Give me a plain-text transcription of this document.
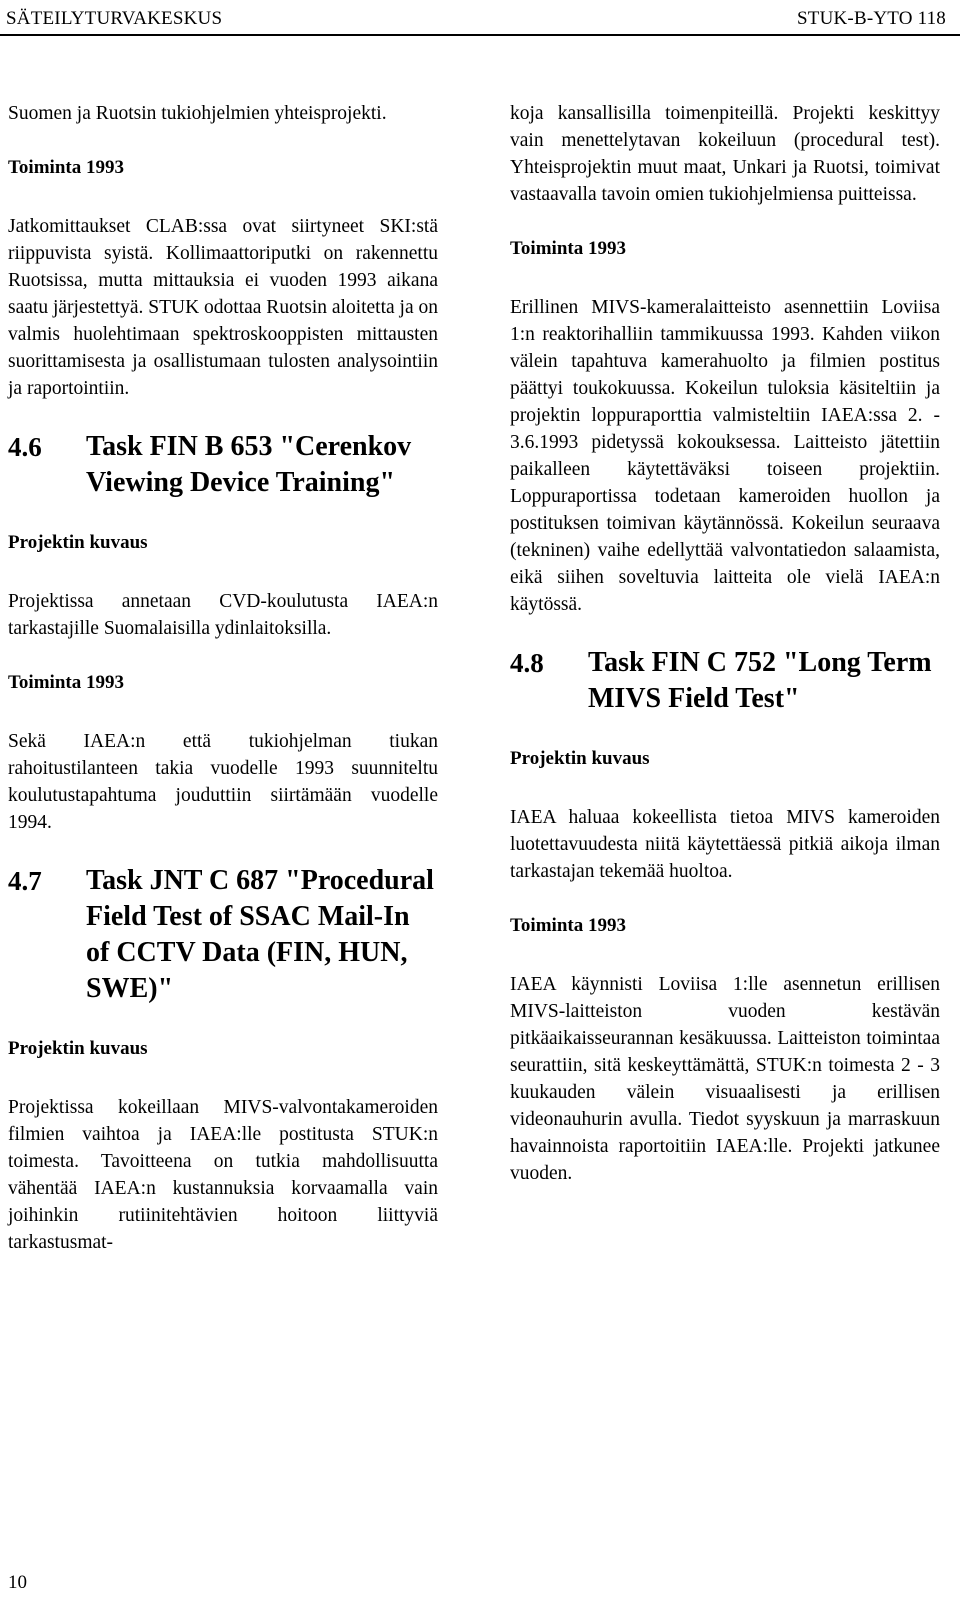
SÄTEILYTURVAKESKUS	STUK-B-YTO 118

Suomen ja Ruotsin tukiohjelmien yhteisprojekti.

Toiminta 1993

Jatkomittaukset CLAB:ssa ovat siirtyneet SKI:stä riippuvista syistä. Kollimaattoriputki on rakennettu Ruotsissa, mutta mittauksia ei vuoden 1993 aikana saatu järjestettyä. STUK odottaa Ruotsin aloitetta ja on valmis huolehtimaan spektroskooppisten mittausten suorittamisesta ja osallistumaan tulosten analysointiin ja raportointiin.

4.6	Task FIN B 653 "Cerenkov Viewing Device Training"
Projektin kuvaus

Projektissa annetaan CVD-koulutusta IAEA:n tarkastajille Suomalaisilla ydinlaitoksilla.

Toiminta 1993

Sekä IAEA:n että tukiohjelman tiukan rahoitustilanteen takia vuodelle 1993 suunniteltu koulutustapahtuma jouduttiin siirtämään vuodelle 1994.

4.7	Task JNT C 687 "Procedural Field Test of SSAC Mail-In of CCTV Data (FIN, HUN, SWE)"
Projektin kuvaus

Projektissa kokeillaan MIVS-valvontakameroiden filmien vaihtoa ja IAEA:lle postitusta STUK:n toimesta. Tavoitteena on tutkia mahdollisuutta vähentää IAEA:n kustannuksia korvaamalla vain joihinkin rutiinitehtävien hoitoon liittyviä tarkastusmat-

koja kansallisilla toimenpiteillä. Projekti keskittyy vain menettelytavan kokeiluun (procedural test). Yhteisprojektin muut maat, Unkari ja Ruotsi, toimivat vastaavalla tavoin omien tukiohjelmiensa puitteissa.

Toiminta 1993

Erillinen MIVS-kameralaitteisto asennettiin Loviisa 1:n reaktorihalliin tammikuussa 1993. Kahden viikon välein tapahtuva kamerahuolto ja filmien postitus päättyi toukokuussa. Kokeilun tuloksia käsiteltiin ja projektin loppuraporttia valmisteltiin IAEA:ssa 2. - 3.6.1993 pidetyssä kokouksessa. Laitteisto jätettiin paikalleen käytettäväksi toiseen projektiin. Loppuraportissa todetaan kameroiden huollon ja postituksen toimivan käytännössä. Kokeilun seuraava (tekninen) vaihe edellyttää valvontatiedon salaamista, eikä siihen soveltuvia laitteita ole vielä IAEA:n käytössä.

4.8	Task FIN C 752 "Long Term MIVS Field Test"
Projektin kuvaus

IAEA haluaa kokeellista tietoa MIVS kameroiden luotettavuudesta niitä käytettäessä pitkiä aikoja ilman tarkastajan tekemää huoltoa.

Toiminta 1993

IAEA käynnisti Loviisa 1:lle asennetun erillisen MIVS-laitteiston vuoden kestävän pitkäaikaisseurannan kesäkuussa. Laitteiston toimintaa seurattiin, sitä keskeyttämättä, STUK:n toimesta 2 - 3 kuukauden välein visuaalisesti ja erillisen videonauhurin avulla. Tiedot syyskuun ja marraskuun havainnoista raportoitiin IAEA:lle. Projekti jatkunee vuoden.

10
